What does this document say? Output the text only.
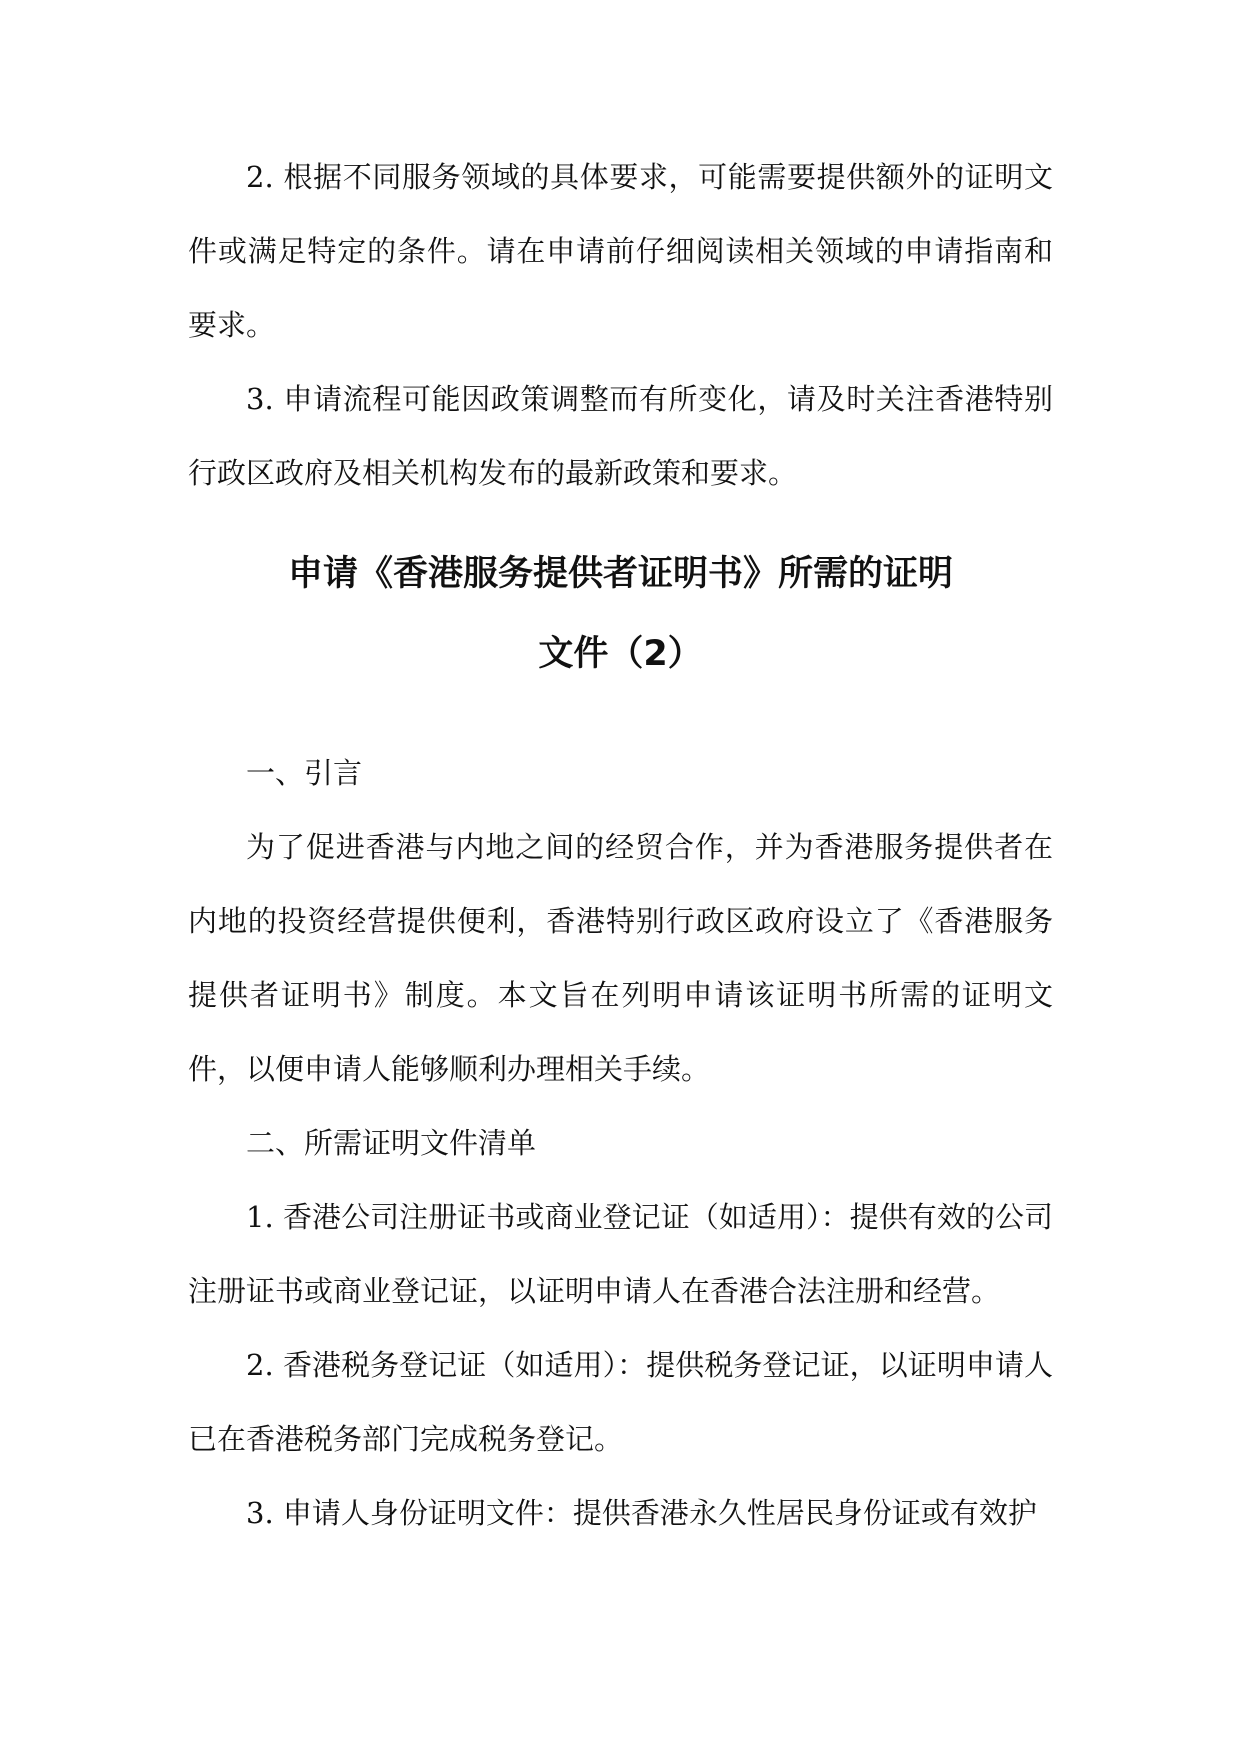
2. 根据不同服务领域的具体要求，可能需要提供额外的证明文件或满足特定的条件。请在申请前仔细阅读相关领域的申请指南和要求。

3. 申请流程可能因政策调整而有所变化，请及时关注香港特别行政区政府及相关机构发布的最新政策和要求。

申请《香港服务提供者证明书》所需的证明

文件（2）

一、引言

为了促进香港与内地之间的经贸合作，并为香港服务提供者在内地的投资经营提供便利，香港特别行政区政府设立了《香港服务提供者证明书》制度。本文旨在列明申请该证明书所需的证明文件，以便申请人能够顺利办理相关手续。

二、所需证明文件清单

1. 香港公司注册证书或商业登记证（如适用）：提供有效的公司注册证书或商业登记证，以证明申请人在香港合法注册和经营。

2. 香港税务登记证（如适用）：提供税务登记证，以证明申请人已在香港税务部门完成税务登记。

3. 申请人身份证明文件：提供香港永久性居民身份证或有效护
